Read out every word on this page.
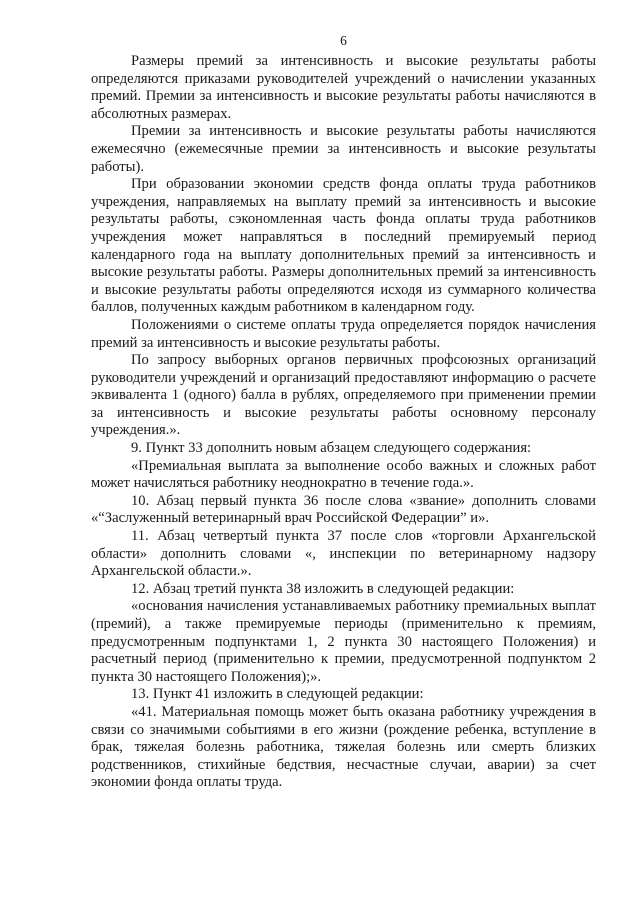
6

Размеры премий за интенсивность и высокие результаты работы определяются приказами руководителей учреждений о начислении указанных премий. Премии за интенсивность и высокие результаты работы начисляются в абсолютных размерах.

Премии за интенсивность и высокие результаты работы начисляются ежемесячно (ежемесячные премии за интенсивность и высокие результаты работы).

При образовании экономии средств фонда оплаты труда работников учреждения, направляемых на выплату премий за интенсивность и высокие результаты работы, сэкономленная часть фонда оплаты труда работников учреждения может направляться в последний премируемый период календарного года на выплату дополнительных премий за интенсивность и высокие результаты работы. Размеры дополнительных премий за интенсивность и высокие результаты работы определяются исходя из суммарного количества баллов, полученных каждым работником в календарном году.

Положениями о системе оплаты труда определяется порядок начисления премий за интенсивность и высокие результаты работы.

По запросу выборных органов первичных профсоюзных организаций руководители учреждений и организаций предоставляют информацию о расчете эквивалента 1 (одного) балла в рублях, определяемого при применении премии за интенсивность и высокие результаты работы основному персоналу учреждения.».

9. Пункт 33 дополнить новым абзацем следующего содержания:

«Премиальная выплата за выполнение особо важных и сложных работ может начисляться работнику неоднократно в течение года.».

10. Абзац первый пункта 36 после слова «звание» дополнить словами «“Заслуженный ветеринарный врач Российской Федерации” и».

11. Абзац четвертый пункта 37 после слов «торговли Архангельской области» дополнить словами «, инспекции по ветеринарному надзору Архангельской области.».

12. Абзац третий пункта 38 изложить в следующей редакции:

«основания начисления устанавливаемых работнику премиальных выплат (премий), а также премируемые периоды (применительно к премиям, предусмотренным подпунктами 1, 2 пункта 30 настоящего Положения) и расчетный период (применительно к премии, предусмотренной подпунктом 2 пункта 30 настоящего Положения);».

13. Пункт 41 изложить в следующей редакции:

«41. Материальная помощь может быть оказана работнику учреждения в связи со значимыми событиями в его жизни (рождение ребенка, вступление в брак, тяжелая болезнь работника, тяжелая болезнь или смерть близких родственников, стихийные бедствия, несчастные случаи, аварии) за счет экономии фонда оплаты труда.
